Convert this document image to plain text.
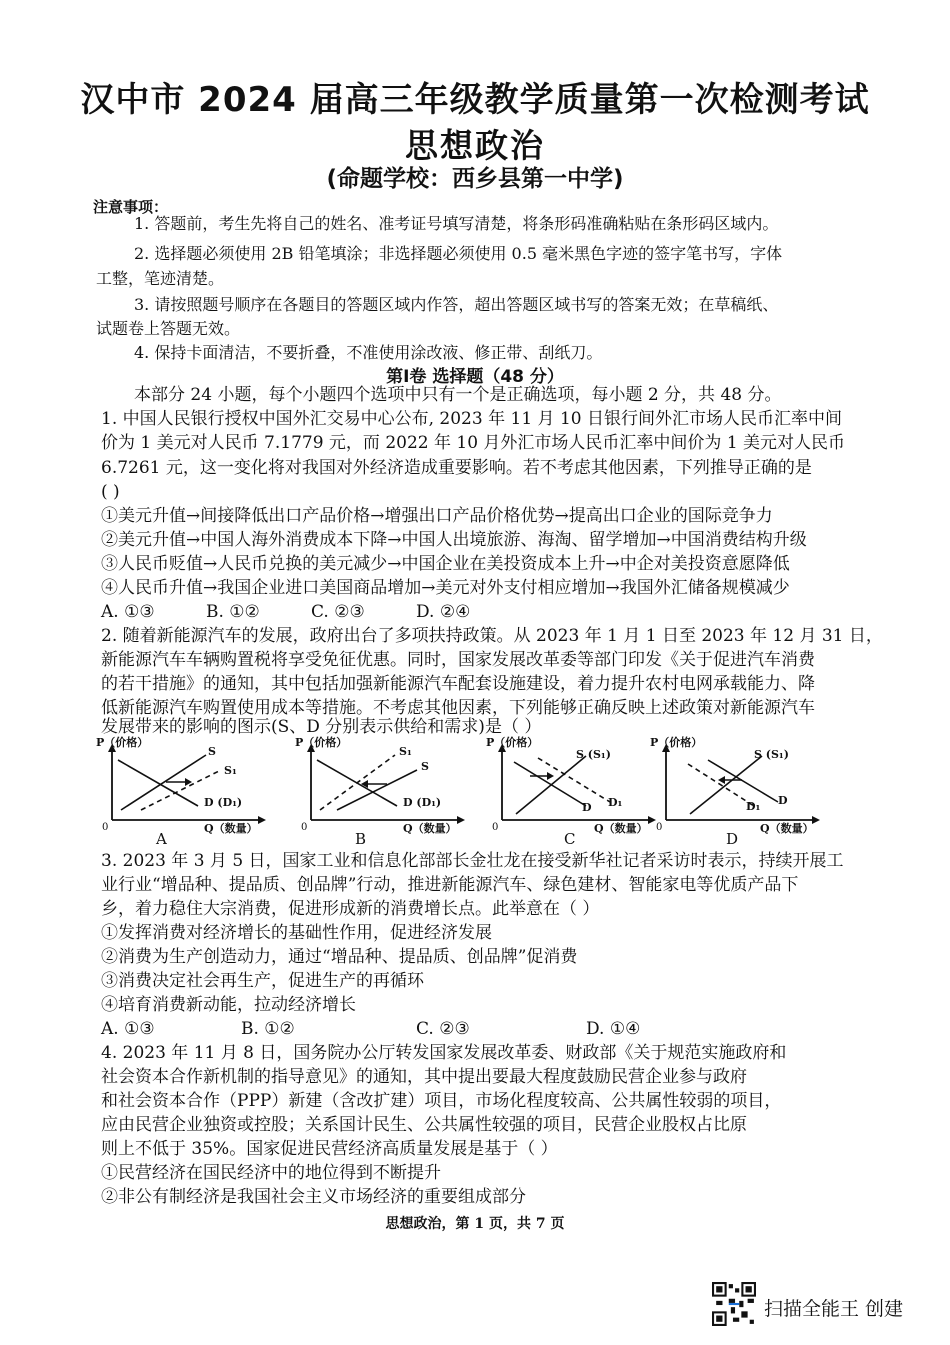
汉中市 2024 届高三年级教学质量第一次检测考试
思想政治
(命题学校：西乡县第一中学)
注意事项：
1. 答题前，考生先将自己的姓名、准考证号填写清楚，将条形码准确粘贴在条形码区域内。
2. 选择题必须使用 2B 铅笔填涂；非选择题必须使用 0.5 毫米黑色字迹的签字笔书写，字体
工整，笔迹清楚。
3. 请按照题号顺序在各题目的答题区域内作答，超出答题区域书写的答案无效；在草稿纸、
试题卷上答题无效。
4. 保持卡面清洁，不要折叠，不准使用涂改液、修正带、刮纸刀。
第Ⅰ卷 选择题（48 分）
本部分 24 小题，每个小题四个选项中只有一个是正确选项，每小题 2 分，共 48 分。
1. 中国人民银行授权中国外汇交易中心公布, 2023 年 11 月 10 日银行间外汇市场人民币汇率中间
价为 1 美元对人民币 7.1779 元，而 2022 年 10 月外汇市场人民币汇率中间价为 1 美元对人民币
6.7261 元，这一变化将对我国对外经济造成重要影响。若不考虑其他因素，下列推导正确的是
( )
①美元升值→间接降低出口产品价格→增强出口产品价格优势→提高出口企业的国际竞争力
②美元升值→中国人海外消费成本下降→中国人出境旅游、海淘、留学增加→中国消费结构升级
③人民币贬值→人民币兑换的美元减少→中国企业在美投资成本上升→中企对美投资意愿降低
④人民币升值→我国企业进口美国商品增加→美元对外支付相应增加→我国外汇储备规模减少
A. ①③	B. ①②	C. ②③	D. ②④
2. 随着新能源汽车的发展，政府出台了多项扶持政策。从 2023 年 1 月 1 日至 2023 年 12 月 31 日，
新能源汽车车辆购置税将享受免征优惠。同时，国家发展改革委等部门印发《关于促进汽车消费
的若干措施》的通知，其中包括加强新能源汽车配套设施建设，着力提升农村电网承载能力、降
低新能源汽车购置使用成本等措施。不考虑其他因素，下列能够正确反映上述政策对新能源汽车
发展带来的影响的图示(S、D 分别表示供给和需求)是（ ）
P（价格）
S
S₁
D (D₁)
0	Q（数量）
A
P（价格）
S
S₁
D (D₁)
0	Q（数量）
B
P（价格）
S (S₁)
D D₁
0	Q（数量）
C
P（价格）
S (S₁)
D
D₁
0	Q（数量）
D
3. 2023 年 3 月 5 日，国家工业和信息化部部长金壮龙在接受新华社记者采访时表示，持续开展工
业行业“增品种、提品质、创品牌”行动，推进新能源汽车、绿色建材、智能家电等优质产品下
乡，着力稳住大宗消费，促进形成新的消费增长点。此举意在（ ）
①发挥消费对经济增长的基础性作用，促进经济发展
②消费为生产创造动力，通过“增品种、提品质、创品牌”促消费
③消费决定社会再生产，促进生产的再循环
④培育消费新动能，拉动经济增长
A. ①③	B. ①②	C. ②③	D. ①④
4. 2023 年 11 月 8 日，国务院办公厅转发国家发展改革委、财政部《关于规范实施政府和
社会资本合作新机制的指导意见》的通知，其中提出要最大程度鼓励民营企业参与政府
和社会资本合作（PPP）新建（含改扩建）项目，市场化程度较高、公共属性较弱的项目，
应由民营企业独资或控股；关系国计民生、公共属性较强的项目，民营企业股权占比原
则上不低于 35%。国家促进民营经济高质量发展是基于（ ）
①民营经济在国民经济中的地位得到不断提升
②非公有制经济是我国社会主义市场经济的重要组成部分
思想政治，第 1 页，共 7 页
扫描全能王 创建
